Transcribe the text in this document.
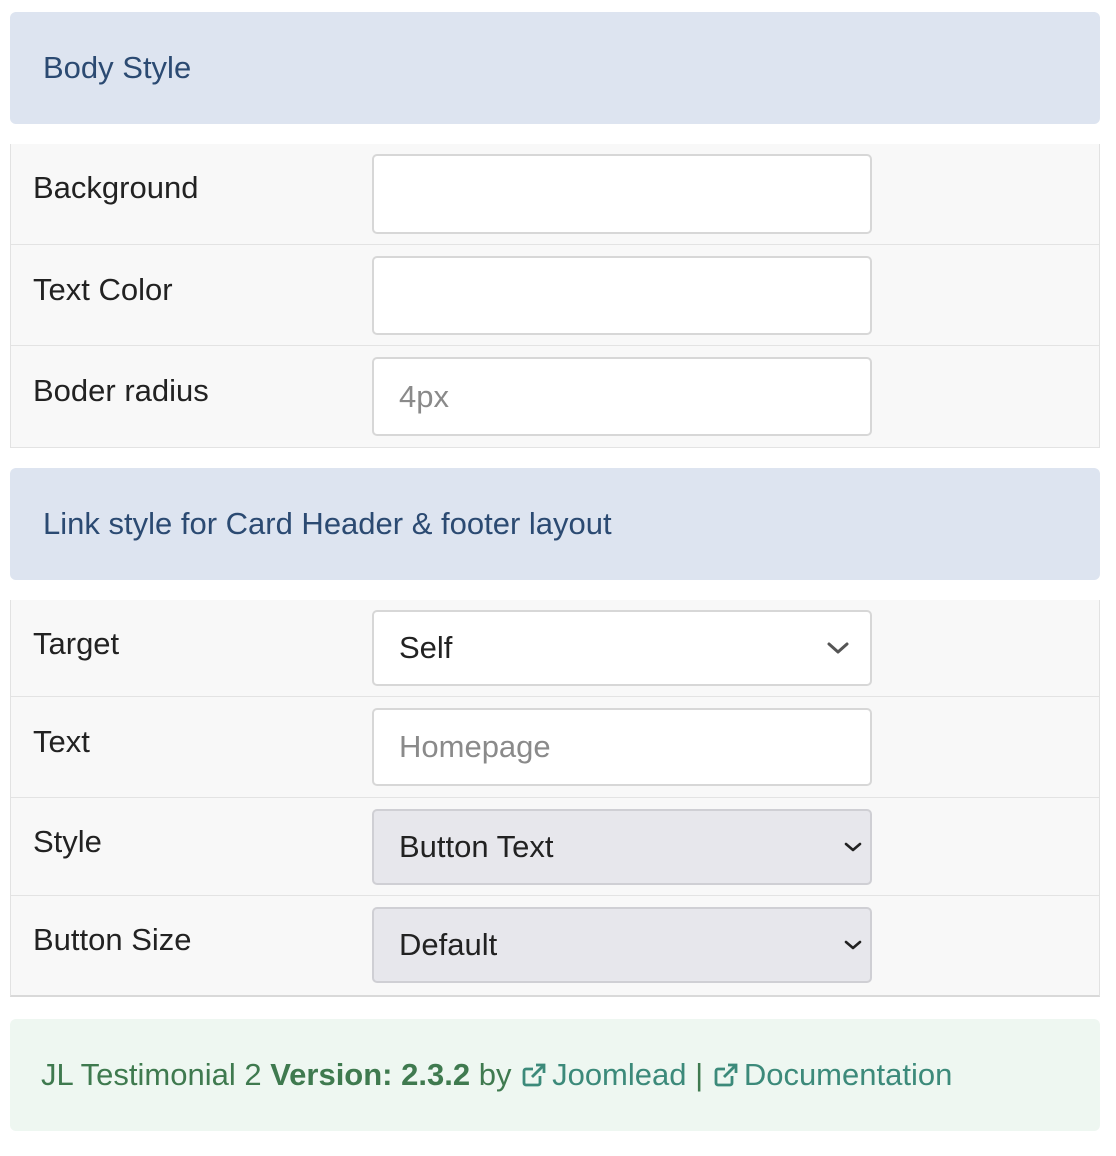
Body Style
Background
Text Color
Boder radius	4px
Link style for Card Header & footer layout
Target	Self
Text	Homepage
Style	Button Text
Button Size	Default
JL Testimonial 2
Version: 2.3.2
by
Joomlead
|
Documentation
